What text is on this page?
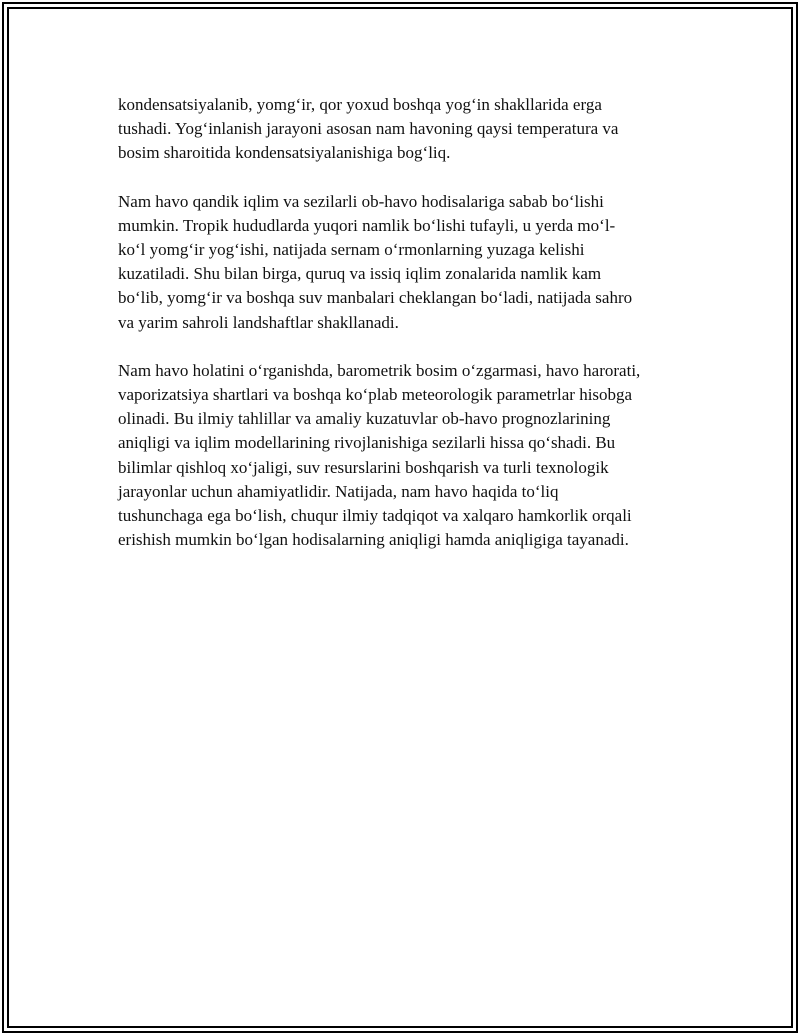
kondensatsiyalanib, yomg‘ir, qor yoxud boshqa yog‘in shakllarida erga
tushadi. Yog‘inlanish jarayoni asosan nam havoning qaysi temperatura va
bosim sharoitida kondensatsiyalanishiga bog‘liq.

Nam havo qandik iqlim va sezilarli ob-havo hodisalariga sabab bo‘lishi
mumkin. Tropik hududlarda yuqori namlik bo‘lishi tufayli, u yerda mo‘l-
ko‘l yomg‘ir yog‘ishi, natijada sernam o‘rmonlarning yuzaga kelishi
kuzatiladi. Shu bilan birga, quruq va issiq iqlim zonalarida namlik kam
bo‘lib, yomg‘ir va boshqa suv manbalari cheklangan bo‘ladi, natijada sahro
va yarim sahroli landshaftlar shakllanadi.

Nam havo holatini o‘rganishda, barometrik bosim o‘zgarmasi, havo harorati,
vaporizatsiya shartlari va boshqa ko‘plab meteorologik parametrlar hisobga
olinadi. Bu ilmiy tahlillar va amaliy kuzatuvlar ob-havo prognozlarining
aniqligi va iqlim modellarining rivojlanishiga sezilarli hissa qo‘shadi. Bu
bilimlar qishloq xo‘jaligi, suv resurslarini boshqarish va turli texnologik
jarayonlar uchun ahamiyatlidir. Natijada, nam havo haqida to‘liq
tushunchaga ega bo‘lish, chuqur ilmiy tadqiqot va xalqaro hamkorlik orqali
erishish mumkin bo‘lgan hodisalarning aniqligi hamda aniqligiga tayanadi.
